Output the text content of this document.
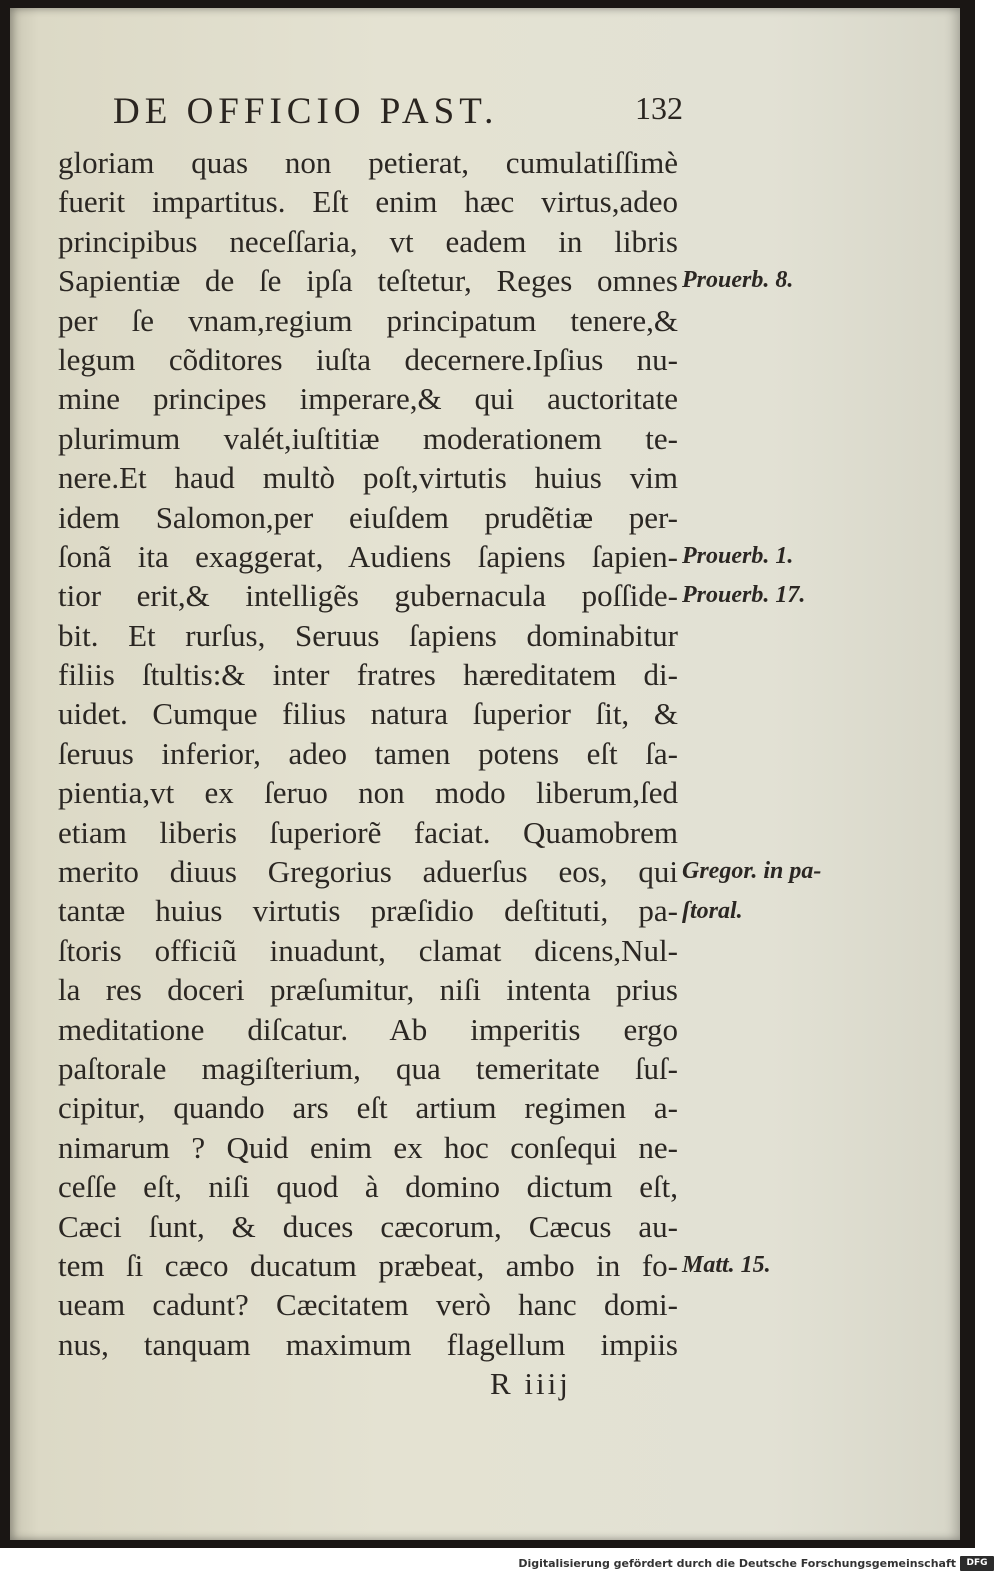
DE OFFICIO PAST.	132
gloriam quas non petierat, cumulatiſſimè
fuerit impartitus. Eſt enim hæc virtus,adeo
principibus neceſſaria, vt eadem in libris
Sapientiæ de ſe ipſa teſtetur, Reges omnes
per ſe vnam,regium principatum tenere,&
legum cõditores iuſta decernere.Ipſius nu-
mine principes imperare,& qui auctoritate
plurimum valét,iuſtitiæ moderationem te-
nere.Et haud multò poſt,virtutis huius vim
idem Salomon,per eiuſdem prudẽtiæ per-
ſonã ita exaggerat, Audiens ſapiens ſapien-
tior erit,& intelligẽs gubernacula poſſide-
bit. Et rurſus, Seruus ſapiens dominabitur
filiis ſtultis:& inter fratres hæreditatem di-
uidet. Cumque filius natura ſuperior ſit, &
ſeruus inferior, adeo tamen potens eſt ſa-
pientia,vt ex ſeruo non modo liberum,ſed
etiam liberis ſuperiorẽ faciat. Quamobrem
merito diuus Gregorius aduerſus eos, qui
tantæ huius virtutis præſidio deſtituti, pa-
ſtoris officiũ inuadunt, clamat dicens,Nul-
la res doceri præſumitur, niſi intenta prius
meditatione diſcatur. Ab imperitis ergo
paſtorale magiſterium, qua temeritate ſuſ-
cipitur, quando ars eſt artium regimen a-
nimarum ? Quid enim ex hoc conſequi ne-
ceſſe eſt, niſi quod à domino dictum eſt,
Cæci ſunt, & duces cæcorum, Cæcus au-
tem ſi cæco ducatum præbeat, ambo in fo-
ueam cadunt? Cæcitatem verò hanc domi-
nus, tanquam maximum flagellum impiis
Prouerb. 8.
Prouerb. 1.
Prouerb. 17.
Gregor. in pa-
ſtoral.
Matt. 15.
R iiij
Digitalisierung gefördert durch die Deutsche Forschungsgemeinschaft	DFG
